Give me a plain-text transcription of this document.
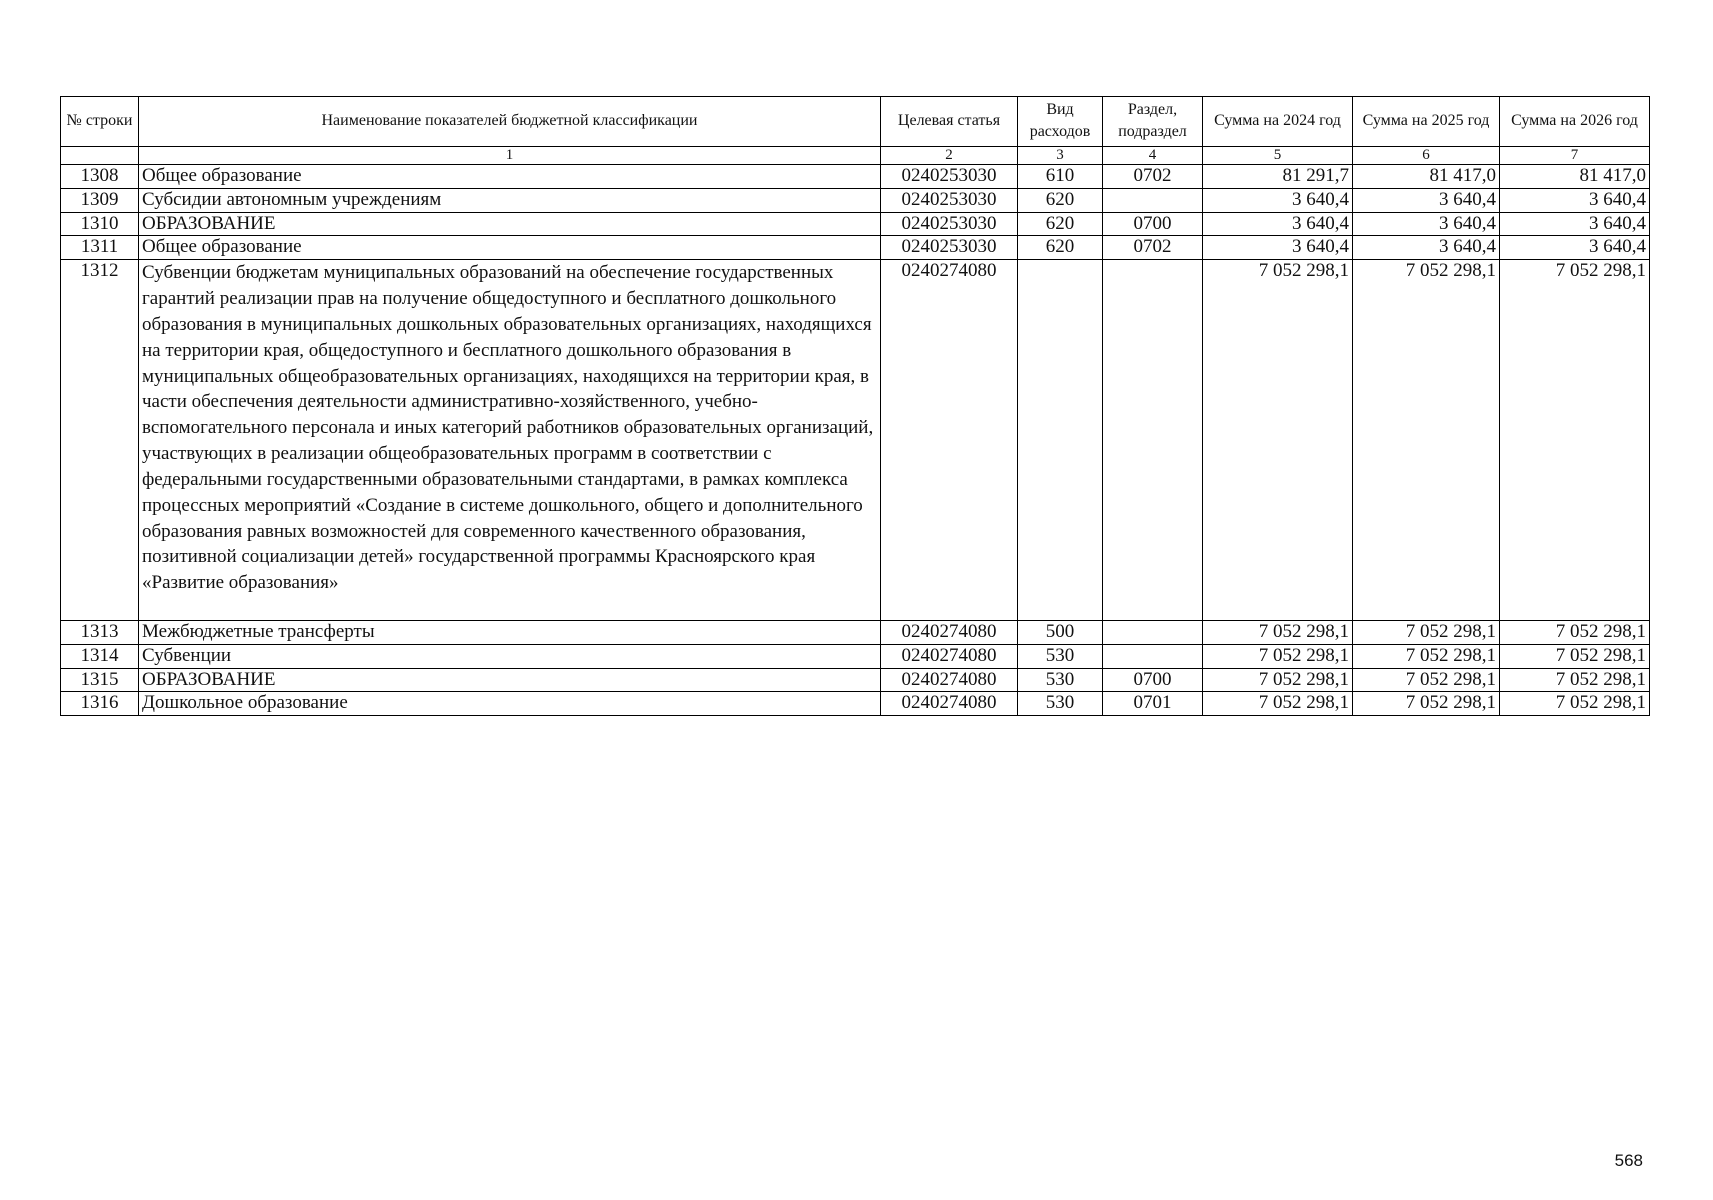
№ строки	Наименование показателей бюджетной классификации	Целевая статья	Вид расходов	Раздел, подраздел	Сумма на 2024 год	Сумма на 2025 год	Сумма на 2026 год
	1	2	3	4	5	6	7
1308	Общее образование	0240253030	610	0702	81 291,7	81 417,0	81 417,0
1309	Субсидии автономным учреждениям	0240253030	620		3 640,4	3 640,4	3 640,4
1310	ОБРАЗОВАНИЕ	0240253030	620	0700	3 640,4	3 640,4	3 640,4
1311	Общее образование	0240253030	620	0702	3 640,4	3 640,4	3 640,4
1312	Субвенции бюджетам муниципальных образований на обеспечение государственных гарантий реализации прав на получение общедоступного и бесплатного дошкольного образования в муниципальных дошкольных образовательных организациях, находящихся на территории края, общедоступного и бесплатного дошкольного образования в муниципальных общеобразовательных организациях, находящихся на территории края, в части обеспечения деятельности административно-хозяйственного, учебно-вспомогательного персонала и иных категорий работников образовательных организаций, участвующих в реализации общеобразовательных программ в соответствии с федеральными государственными образовательными стандартами, в рамках комплекса процессных мероприятий «Создание в системе дошкольного, общего и дополнительного образования равных возможностей для современного качественного образования, позитивной социализации детей» государственной программы Красноярского края «Развитие образования»	0240274080			7 052 298,1	7 052 298,1	7 052 298,1
1313	Межбюджетные трансферты	0240274080	500		7 052 298,1	7 052 298,1	7 052 298,1
1314	Субвенции	0240274080	530		7 052 298,1	7 052 298,1	7 052 298,1
1315	ОБРАЗОВАНИЕ	0240274080	530	0700	7 052 298,1	7 052 298,1	7 052 298,1
1316	Дошкольное образование	0240274080	530	0701	7 052 298,1	7 052 298,1	7 052 298,1
568
